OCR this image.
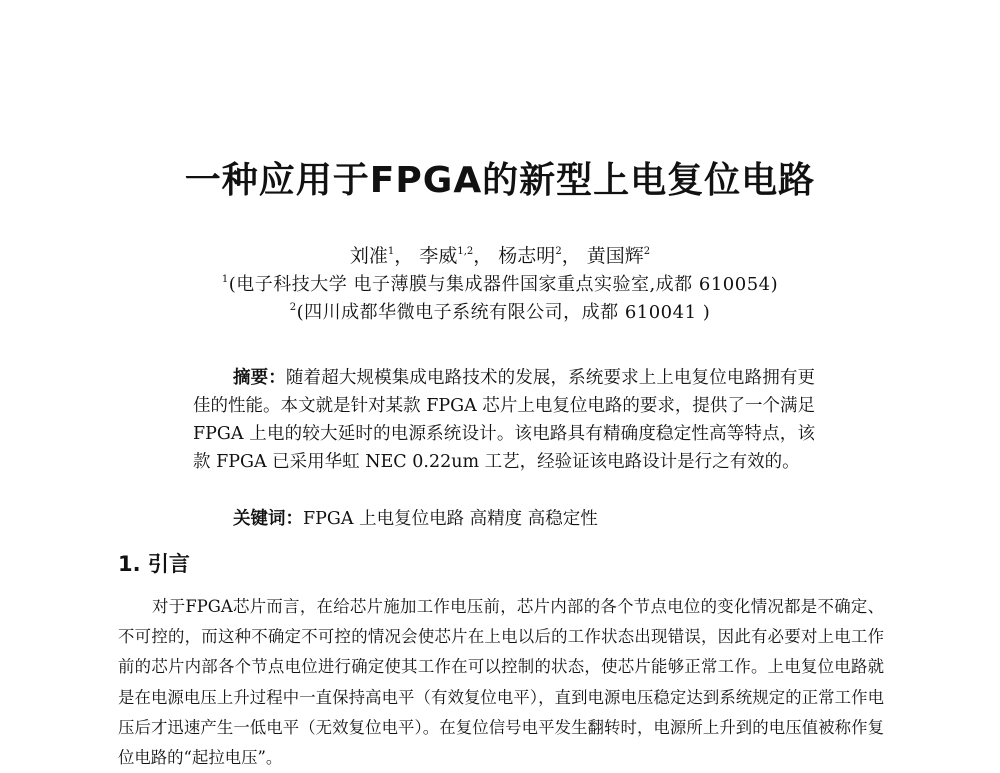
一种应用于FPGA的新型上电复位电路
刘准$^1$， 李威$^{1,2}$， 杨志明$^2$， 黄国辉$^2$
$^1$(电子科技大学 电子薄膜与集成器件国家重点实验室,成都 610054)
$^2$(四川成都华微电子系统有限公司，成都 610041 )

摘要：随着超大规模集成电路技术的发展，系统要求上上电复位电路拥有更佳的性能。本文就是针对某款 FPGA 芯片上电复位电路的要求，提供了一个满足 FPGA 上电的较大延时的电源系统设计。该电路具有精确度稳定性高等特点，该款 FPGA 已采用华虹 NEC 0.22um 工艺，经验证该电路设计是行之有效的。

关键词：FPGA 上电复位电路 高精度 高稳定性
1. 引言

对于FPGA芯片而言，在给芯片施加工作电压前，芯片内部的各个节点电位的变化情况都是不确定、不可控的，而这种不确定不可控的情况会使芯片在上电以后的工作状态出现错误，因此有必要对上电工作前的芯片内部各个节点电位进行确定使其工作在可以控制的状态，使芯片能够正常工作。上电复位电路就是在电源电压上升过程中一直保持高电平（有效复位电平），直到电源电压稳定达到系统规定的正常工作电压后才迅速产生一低电平（无效复位电平）。在复位信号电平发生翻转时，电源所上升到的电压值被称作复位电路的“起拉电压”。
